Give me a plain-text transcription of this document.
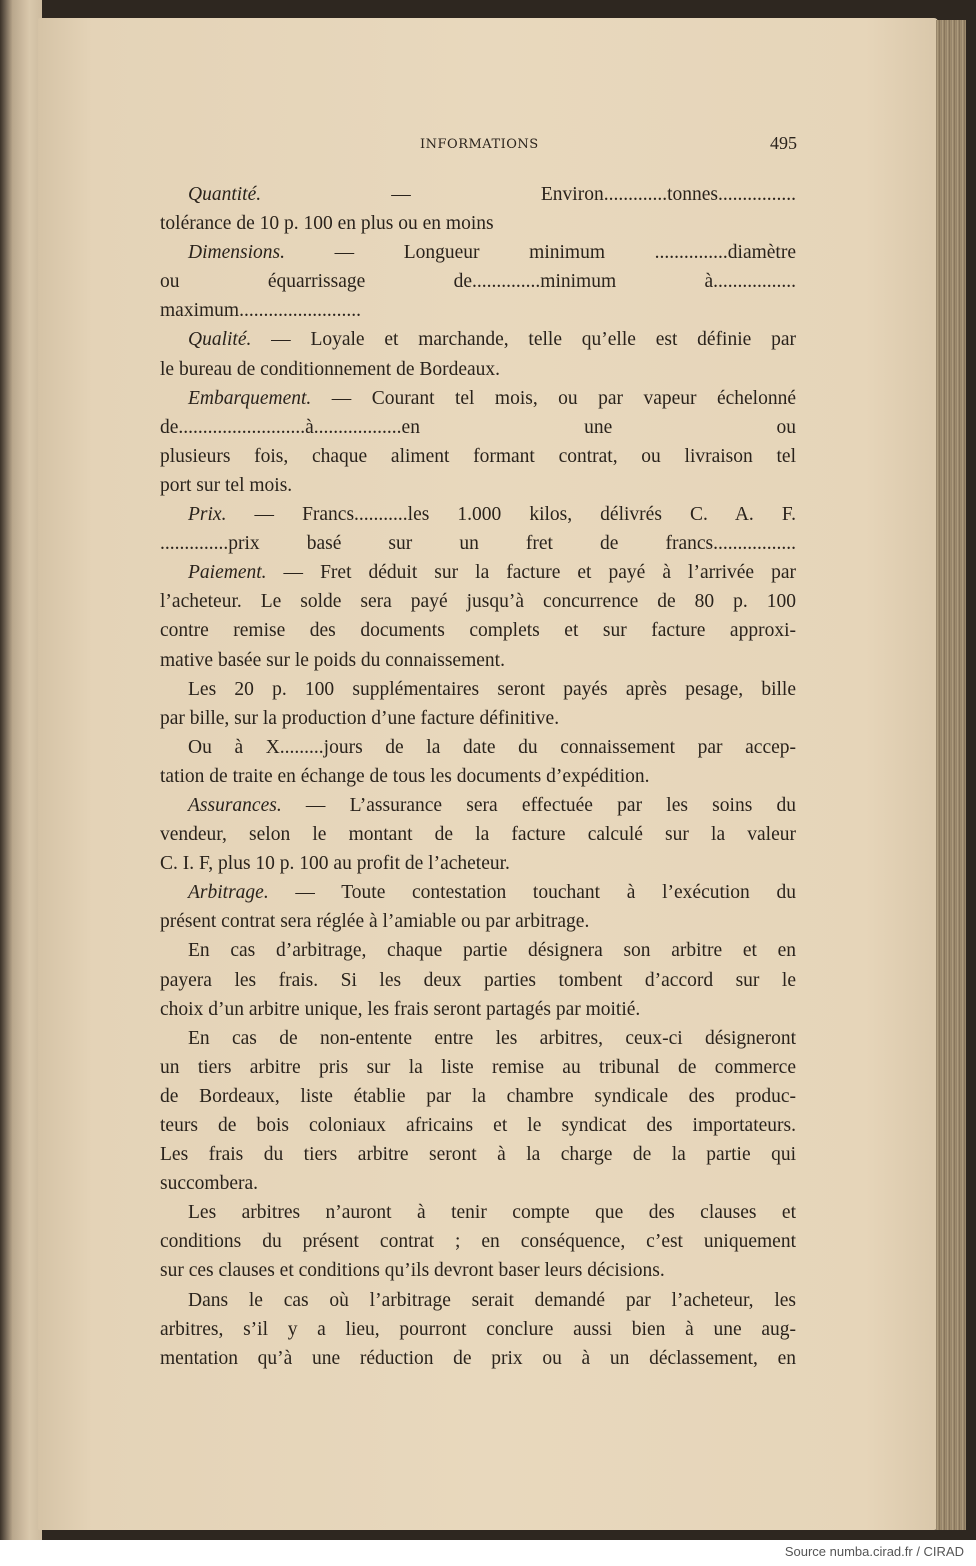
INFORMATIONS	495
Quantité. — Environ.............tonnes................
tolérance de 10 p. 100 en plus ou en moins
Dimensions. — Longueur minimum ...............diamètre
ou équarrissage de..............minimum à.................
maximum.........................
Qualité. — Loyale et marchande, telle qu’elle est définie par
le bureau de conditionnement de Bordeaux.
Embarquement. — Courant tel mois, ou par vapeur échelonné
de..........................à..................en une ou
plusieurs fois, chaque aliment formant contrat, ou livraison tel
port sur tel mois.
Prix. — Francs...........les 1.000 kilos, délivrés C. A. F.
..............prix basé sur un fret de francs.................
Paiement. — Fret déduit sur la facture et payé à l’arrivée par
l’acheteur. Le solde sera payé jusqu’à concurrence de 80 p. 100
contre remise des documents complets et sur facture approxi-
mative basée sur le poids du connaissement.
Les 20 p. 100 supplémentaires seront payés après pesage, bille
par bille, sur la production d’une facture définitive.
Ou à X.........jours de la date du connaissement par accep-
tation de traite en échange de tous les documents d’expédition.
Assurances. — L’assurance sera effectuée par les soins du
vendeur, selon le montant de la facture calculé sur la valeur
C. I. F, plus 10 p. 100 au profit de l’acheteur.
Arbitrage. — Toute contestation touchant à l’exécution du
présent contrat sera réglée à l’amiable ou par arbitrage.
En cas d’arbitrage, chaque partie désignera son arbitre et en
payera les frais. Si les deux parties tombent d’accord sur le
choix d’un arbitre unique, les frais seront partagés par moitié.
En cas de non-entente entre les arbitres, ceux-ci désigneront
un tiers arbitre pris sur la liste remise au tribunal de commerce
de Bordeaux, liste établie par la chambre syndicale des produc-
teurs de bois coloniaux africains et le syndicat des importateurs.
Les frais du tiers arbitre seront à la charge de la partie qui
succombera.
Les arbitres n’auront à tenir compte que des clauses et
conditions du présent contrat ; en conséquence, c’est uniquement
sur ces clauses et conditions qu’ils devront baser leurs décisions.
Dans le cas où l’arbitrage serait demandé par l’acheteur, les
arbitres, s’il y a lieu, pourront conclure aussi bien à une aug-
mentation qu’à une réduction de prix ou à un déclassement, en
Source numba.cirad.fr / CIRAD
